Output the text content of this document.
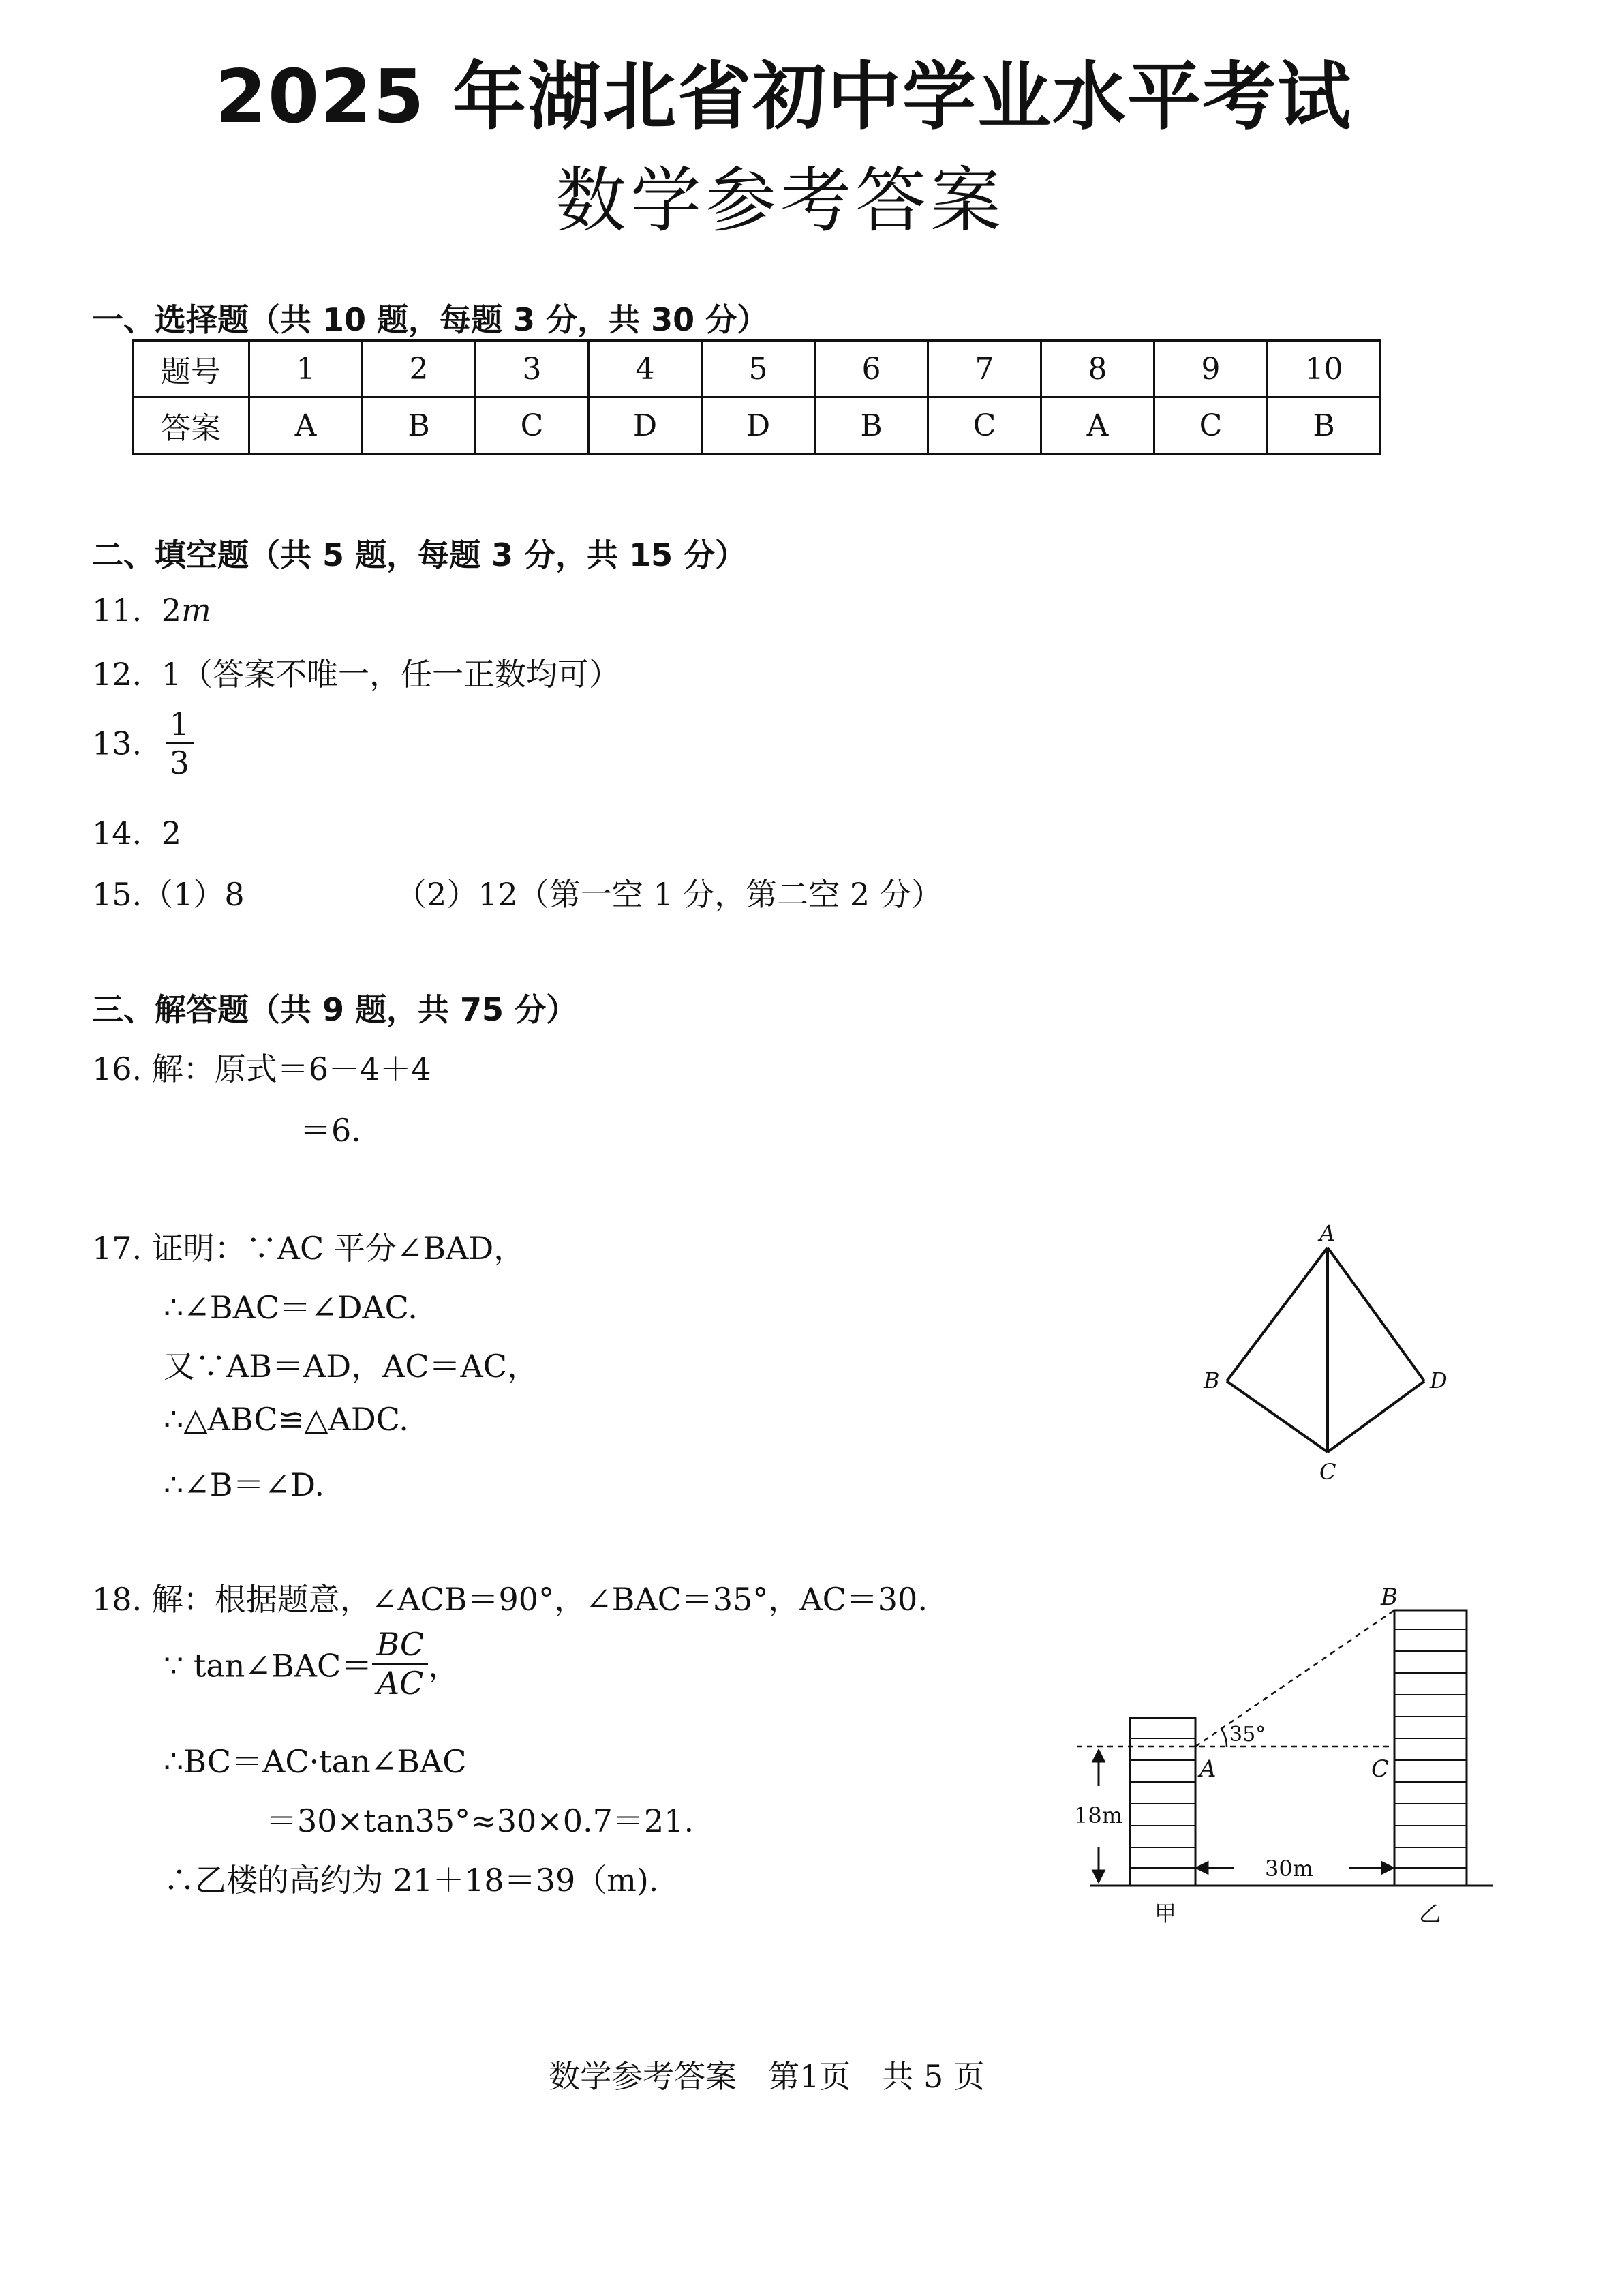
2025 年湖北省初中学业水平考试
数学参考答案
一、选择题（共 10 题，每题 3 分，共 30 分）
题号	1	2	3	4	5	6	7	8	9	10
答案	A	B	C	D	D	B	C	A	C	B
二、填空题（共 5 题，每题 3 分，共 15 分）
11. 2m
12. 1（答案不唯一，任一正数均可）
13. $\frac{1}{3}$
14. 2
15.（1）8	（2）12（第一空 1 分，第二空 2 分）
三、解答题（共 9 题，共 75 分）
16. 解：原式＝6－4＋4
＝6.
17. 证明：∵AC 平分∠BAD，
∴∠BAC＝∠DAC.
又∵AB＝AD，AC＝AC，
∴△ABC≌△ADC.
∴∠B＝∠D.
A
B	D
C
18. 解：根据题意，∠ACB＝90°，∠BAC＝35°，AC＝30.
∵ tan∠BAC＝ $\frac{BC}{AC}$ ，
∴BC＝AC·tan∠BAC
＝30×tan35°≈30×0.7＝21.
∴乙楼的高约为 21＋18＝39（m).
B
A	C
35°
18m
30m
甲	乙
数学参考答案　第1页　共 5 页
